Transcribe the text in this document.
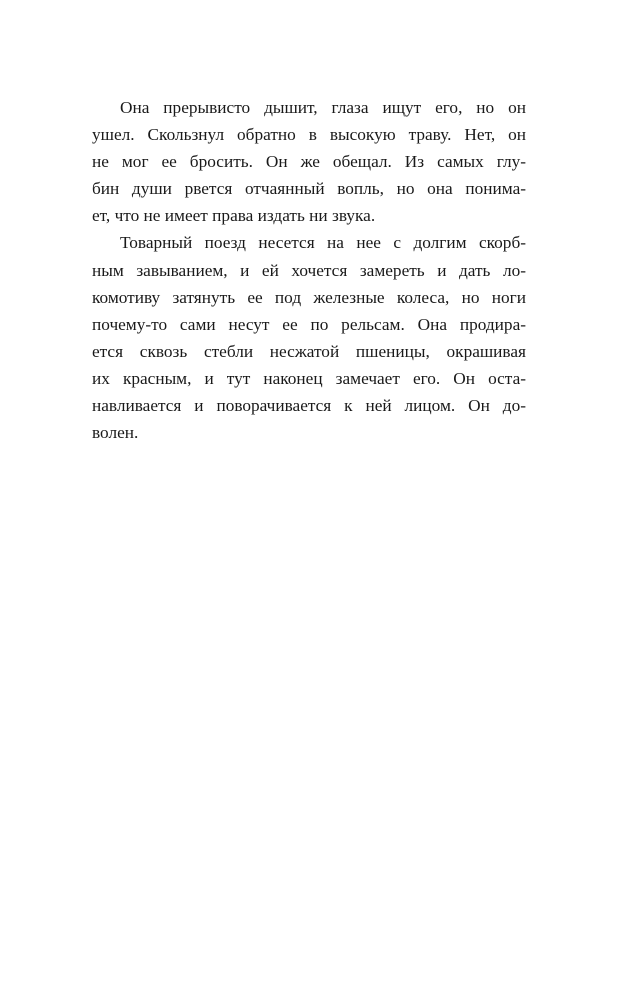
Она прерывисто дышит, глаза ищут его, но он
ушел. Скользнул обратно в высокую траву. Нет, он
не мог ее бросить. Он же обещал. Из самых глу-
бин души рвется отчаянный вопль, но она понима-
ет, что не имеет права издать ни звука.
Товарный поезд несется на нее с долгим скорб-
ным завыванием, и ей хочется замереть и дать ло-
комотиву затянуть ее под железные колеса, но ноги
почему-то сами несут ее по рельсам. Она продира-
ется сквозь стебли несжатой пшеницы, окрашивая
их красным, и тут наконец замечает его. Он оста-
навливается и поворачивается к ней лицом. Он до-
волен.
